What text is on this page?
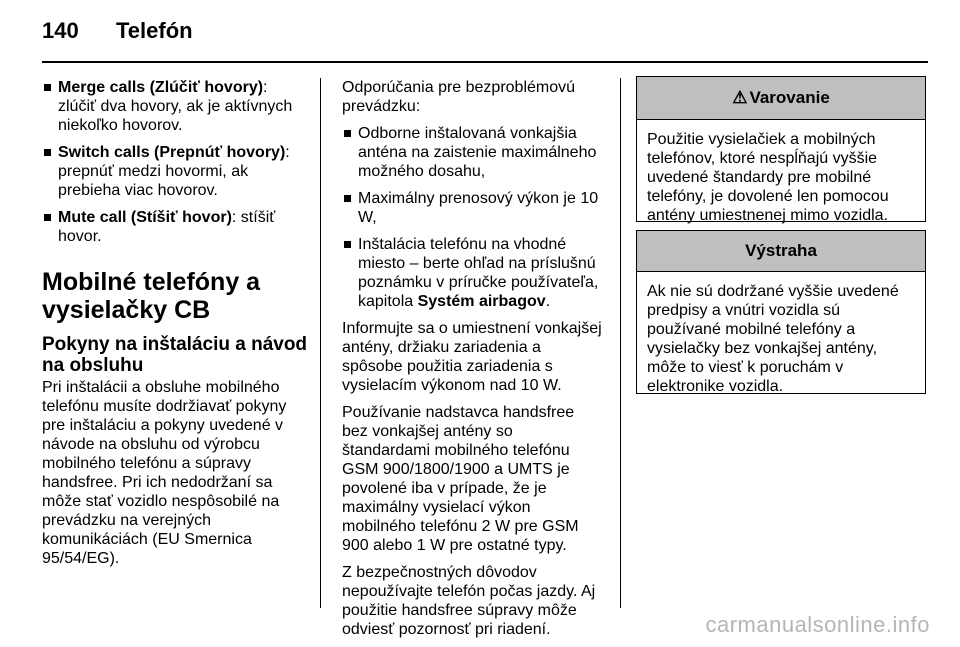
140 Telefón
Merge calls (Zlúčiť hovory): zlúčiť dva hovory, ak je aktívnych niekoľko hovorov.
Switch calls (Prepnúť hovory): prepnúť medzi hovormi, ak prebieha viac hovorov.
Mute call (Stíšiť hovor): stíšiť hovor.
Mobilné telefóny a vysielačky CB
Pokyny na inštaláciu a návod na obsluhu

Pri inštalácii a obsluhe mobilného telefónu musíte dodržiavať pokyny pre inštaláciu a pokyny uvedené v návode na obsluhu od výrobcu mobilného telefónu a súpravy handsfree. Pri ich nedodržaní sa môže stať vozidlo nespôsobilé na prevádzku na verejných komunikáciách (EU Smernica 95/54/EG).

Odporúčania pre bezproblémovú prevádzku:

Odborne inštalovaná vonkajšia anténa na zaistenie maximálneho možného dosahu,
Maximálny prenosový výkon je 10 W,
Inštalácia telefónu na vhodné miesto – berte ohľad na príslušnú poznámku v príručke používateľa, kapitola Systém airbagov.

Informujte sa o umiestnení vonkajšej antény, držiaku zariadenia a spôsobe použitia zariadenia s vysielacím výkonom nad 10 W.

Používanie nadstavca handsfree bez vonkajšej antény so štandardami mobilného telefónu GSM 900/1800/1900 a UMTS je povolené iba v prípade, že je maximálny vysielací výkon mobilného telefónu 2 W pre GSM 900 alebo 1 W pre ostatné typy.

Z bezpečnostných dôvodov nepoužívajte telefón počas jazdy. Aj použitie handsfree súpravy môže odviesť pozornosť pri riadení.

⚠ Varovanie
Použitie vysielačiek a mobilných telefónov, ktoré nespĺňajú vyššie uvedené štandardy pre mobilné telefóny, je dovolené len pomocou antény umiestnenej mimo vozidla.
Výstraha
Ak nie sú dodržané vyššie uvedené predpisy a vnútri vozidla sú používané mobilné telefóny a vysielačky bez vonkajšej antény, môže to viesť k poruchám v elektronike vozidla.
carmanualsonline.info
